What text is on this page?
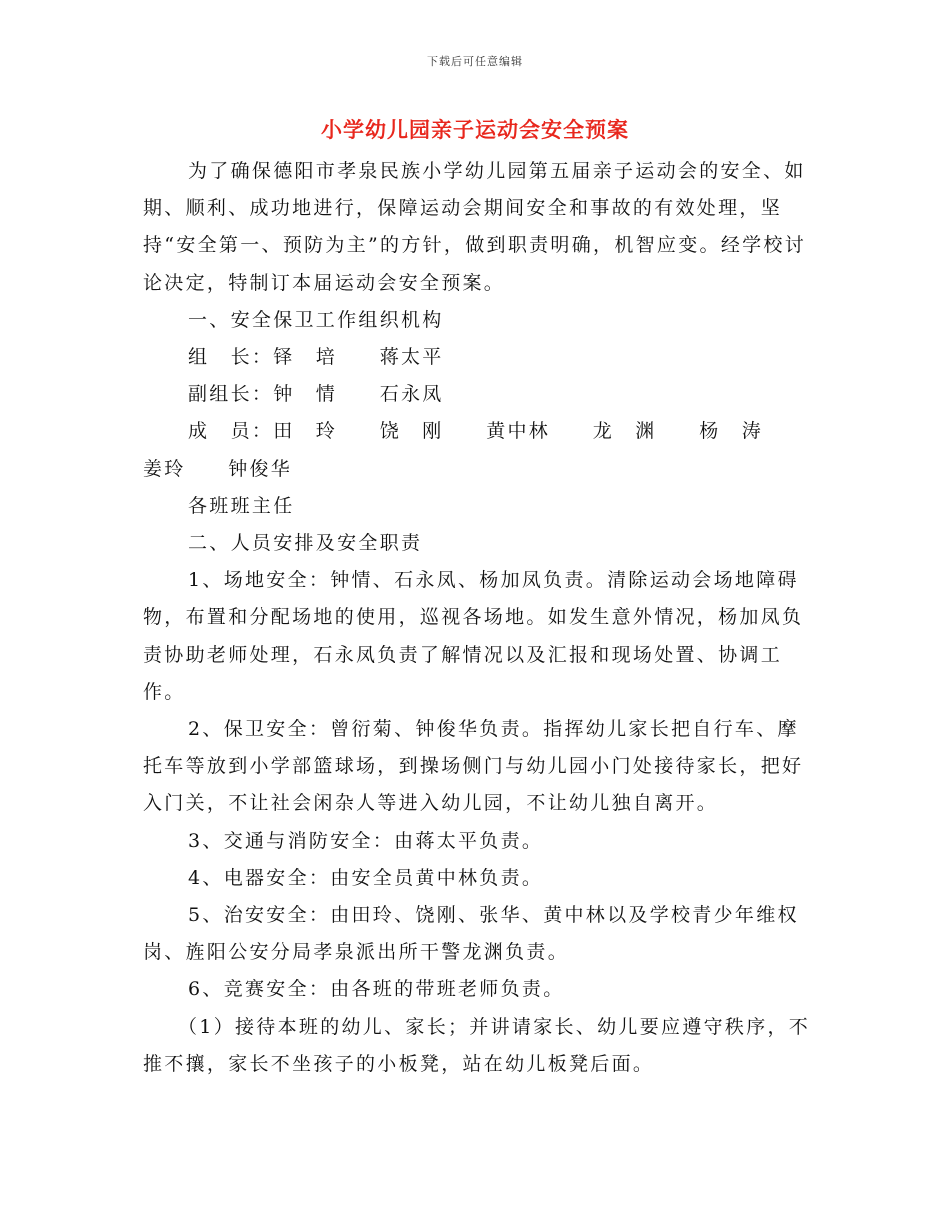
下载后可任意编辑
小学幼儿园亲子运动会安全预案

为了确保德阳市孝泉民族小学幼儿园第五届亲子运动会的安全、如期、顺利、成功地进行，保障运动会期间安全和事故的有效处理，坚持“安全第一、预防为主”的方针，做到职责明确，机智应变。经学校讨论决定，特制订本届运动会安全预案。

一、安全保卫工作组织机构

组　长：铎　培　　蒋太平

副组长：钟　情　　石永凤

成　员：田　玲　　饶　刚　　黄中林　　龙　渊　　杨　涛　　姜玲　　钟俊华

各班班主任

二、人员安排及安全职责

1、场地安全：钟情、石永凤、杨加凤负责。清除运动会场地障碍物，布置和分配场地的使用，巡视各场地。如发生意外情况，杨加凤负责协助老师处理，石永凤负责了解情况以及汇报和现场处置、协调工作。

2、保卫安全：曾衍菊、钟俊华负责。指挥幼儿家长把自行车、摩托车等放到小学部篮球场，到操场侧门与幼儿园小门处接待家长，把好入门关，不让社会闲杂人等进入幼儿园，不让幼儿独自离开。

3、交通与消防安全：由蒋太平负责。

4、电器安全：由安全员黄中林负责。

5、治安安全：由田玲、饶刚、张华、黄中林以及学校青少年维权岗、旌阳公安分局孝泉派出所干警龙渊负责。

6、竞赛安全：由各班的带班老师负责。

（1）接待本班的幼儿、家长；并讲请家长、幼儿要应遵守秩序，不推不攘，家长不坐孩子的小板凳，站在幼儿板凳后面。
